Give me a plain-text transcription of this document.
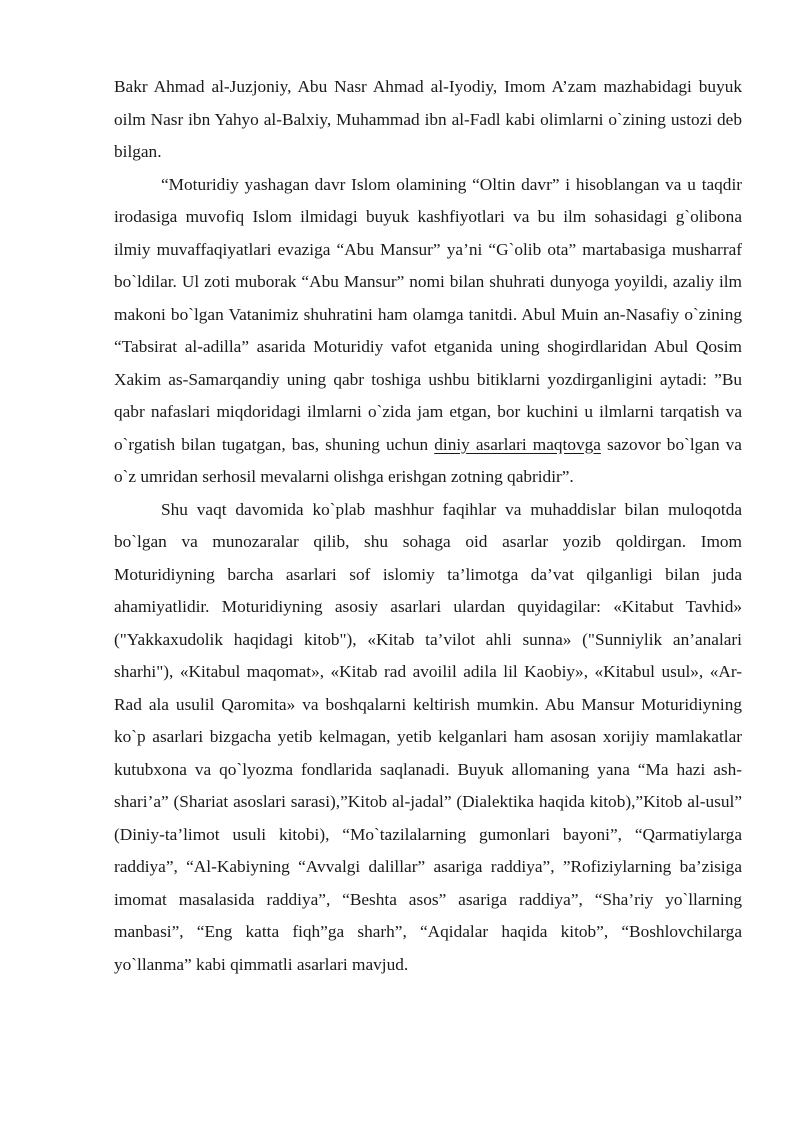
Bakr Ahmad al-Juzjoniy, Abu Nasr Ahmad al-Iyodiy, Imom A’zam mazhabidagi buyuk oilm Nasr ibn Yahyo al-Balxiy, Muhammad ibn al-Fadl kabi olimlarni o`zining ustozi deb bilgan.

“Moturidiy yashagan davr Islom olamining “Oltin davr” i hisoblangan va u taqdir irodasiga muvofiq Islom ilmidagi buyuk kashfiyotlari va bu ilm sohasidagi g`olibona ilmiy muvaffaqiyatlari evaziga “Abu Mansur” ya’ni “G`olib ota” martabasiga musharraf bo`ldilar. Ul zoti muborak “Abu Mansur” nomi bilan shuhrati dunyoga yoyildi, azaliy ilm makoni bo`lgan Vatanimiz shuhratini ham olamga tanitdi. Abul Muin an-Nasafiy o`zining “Tabsirat al-adilla” asarida Moturidiy vafot etganida uning shogirdlaridan Abul Qosim Xakim as-Samarqandiy uning qabr toshiga ushbu bitiklarni yozdirganligini aytadi: ”Bu qabr nafaslari miqdoridagi ilmlarni o`zida jam etgan, bor kuchini u ilmlarni tarqatish va o`rgatish bilan tugatgan, bas, shuning uchun diniy asarlari maqtovga sazovor bo`lgan va o`z umridan serhosil mevalarni olishga erishgan zotning qabridir”.

Shu vaqt davomida ko`plab mashhur faqihlar va muhaddislar bilan muloqotda bo`lgan va munozaralar qilib, shu sohaga oid asarlar yozib qoldirgan. Imom Moturidiyning barcha asarlari sof islomiy ta’limotga da’vat qilganligi bilan juda ahamiyatlidir. Moturidiyning asosiy asarlari ulardan quyidagilar: «Kitabut Tavhid» ("Yakkaxudolik haqidagi kitob"), «Kitab ta’vilot ahli sunna» ("Sunniylik an’analari sharhi"), «Kitabul maqomat», «Kitab rad avoilil adila lil Kaobiy», «Kitabul usul», «Ar-Rad ala usulil Qaromita» va boshqalarni keltirish mumkin. Abu Mansur Moturidiyning ko`p asarlari bizgacha yetib kelmagan, yetib kelganlari ham asosan xorijiy mamlakatlar kutubxona va qo`lyozma fondlarida saqlanadi. Buyuk allomaning yana “Ma hazi ash-shari’a” (Shariat asoslari sarasi),”Kitob al-jadal” (Dialektika haqida kitob),”Kitob al-usul” (Diniy-ta’limot usuli kitobi), “Mo`tazilalarning gumonlari bayoni”, “Qarmatiylarga raddiya”, “Al-Kabiyning “Avvalgi dalillar” asariga raddiya”, ”Rofiziylarning ba’zisiga imomat masalasida raddiya”, “Beshta asos” asariga raddiya”, “Sha’riy yo`llarning manbasi”, “Eng katta fiqh”ga sharh”, “Aqidalar haqida kitob”, “Boshlovchilarga yo`llanma” kabi qimmatli asarlari mavjud.
